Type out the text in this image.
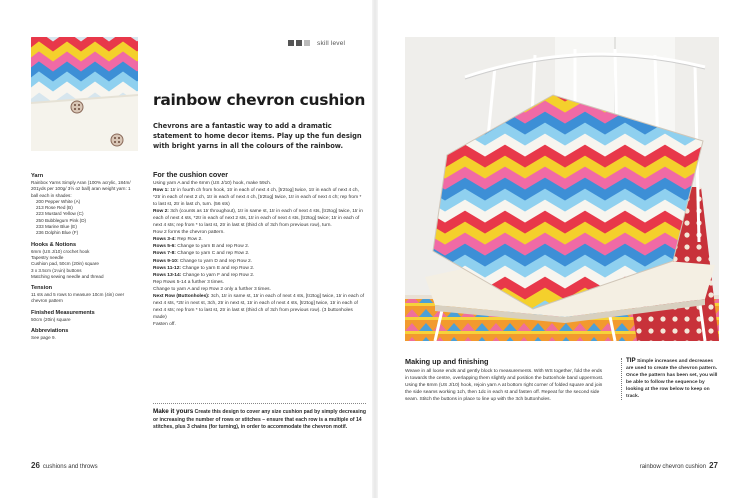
skill level
rainbow chevron cushion
Chevrons are a fantastic way to add a dramatic statement to home decor items. Play up the fun design with bright yarns in all the colours of the rainbow.
Yarn
Rainbox Yarns Simply Aran (100% acrylic, 184m/ 201yds per 100g/ 3½ oz ball) aran weight yarn: 1 ball each in shades:
200 Pepper White (A)
213 Rose Red (B)
223 Mustard Yellow (C)
250 Bubblegum Pink (D)
233 Marine Blue (E)
236 Dolphin Blue (F)
Hooks & Notions
6mm (US J/10) crochet hook
Tapestry needle
Cushion pad, 50cm (20in) square
3 x 3.5cm (1¼in) buttons
Matching sewing needle and thread
Tension
11 sts and 5 rows to measure 10cm (4in) over chevron pattern
Finished Measurements
50cm (20in) square
Abbreviations
See page 9.
For the cushion cover
Using yarn A and the 6mm (US J/10) hook, make 59ch.
Row 1: 1tr in fourth ch from hook, 1tr in each of next 4 ch, [tr2tog] twice, 1tr in each of next 4 ch, *2tr in each of next 2 ch, 1tr in each of next 4 ch, [tr2tog] twice, 1tr in each of next 4 ch; rep from * to last st, 2tr in last ch, turn. (56 sts)
Row 2: 3ch (counts as 1tr throughout), 1tr in same st, 1tr in each of next 4 sts, [tr2tog] twice, 1tr in each of next 4 sts, *2tr in each of next 2 sts, 1tr in each of next 4 sts, [tr2tog] twice; 1tr in each of next 4 sts; rep from * to last st, 2tr in last st (third ch of 3ch from previous row), turn.
Row 2 forms the chevron pattern.
Rows 3-4: Rep Row 2.
Rows 5-6: Change to yarn B and rep Row 2.
Rows 7-8: Change to yarn C and rep Row 2.
Rows 9-10: Change to yarn D and rep Row 2.
Rows 11-12: Change to yarn E and rep Row 2.
Rows 13-14: Change to yarn F and rep Row 2.
Rep Rows 5-14 a further 3 times.
Change to yarn A and rep Row 2 only a further 3 times.
Next Row (Buttonholes): 3ch, 1tr in same st, 1tr in each of next 4 sts, [tr2tog] twice, 1tr in each of next 4 sts, *2tr in next st, 3ch, 2tr in next st, 1tr in each of next 4 sts, [tr2tog] twice, 1tr in each of next 4 sts; rep from * to last st, 2tr in last st (third ch of 3ch from previous row). (3 buttonholes made)
Fasten off.
Make it yours Create this design to cover any size cushion pad by simply decreasing or increasing the number of rows or stitches – ensure that each row is a multiple of 14 stitches, plus 3 chains (for turning), in order to accommodate the chevron motif.
26 cushions and throws
Making up and finishing
Weave in all loose ends and gently block to measurements. With WS together, fold the ends in towards the centre, overlapping them slightly and position the buttonhole band uppermost. Using the 6mm (US J/10) hook, rejoin yarn A at bottom right corner of folded square and join the side seams working 1ch, then 1dc in each st and fasten off. Repeat for the second side seam. Stitch the buttons in place to line up with the 3ch buttonholes.
TIP Simple increases and decreases are used to create the chevron pattern. Once the pattern has been set, you will be able to follow the sequence by looking at the row below to keep on track.
rainbow chevron cushion 27
